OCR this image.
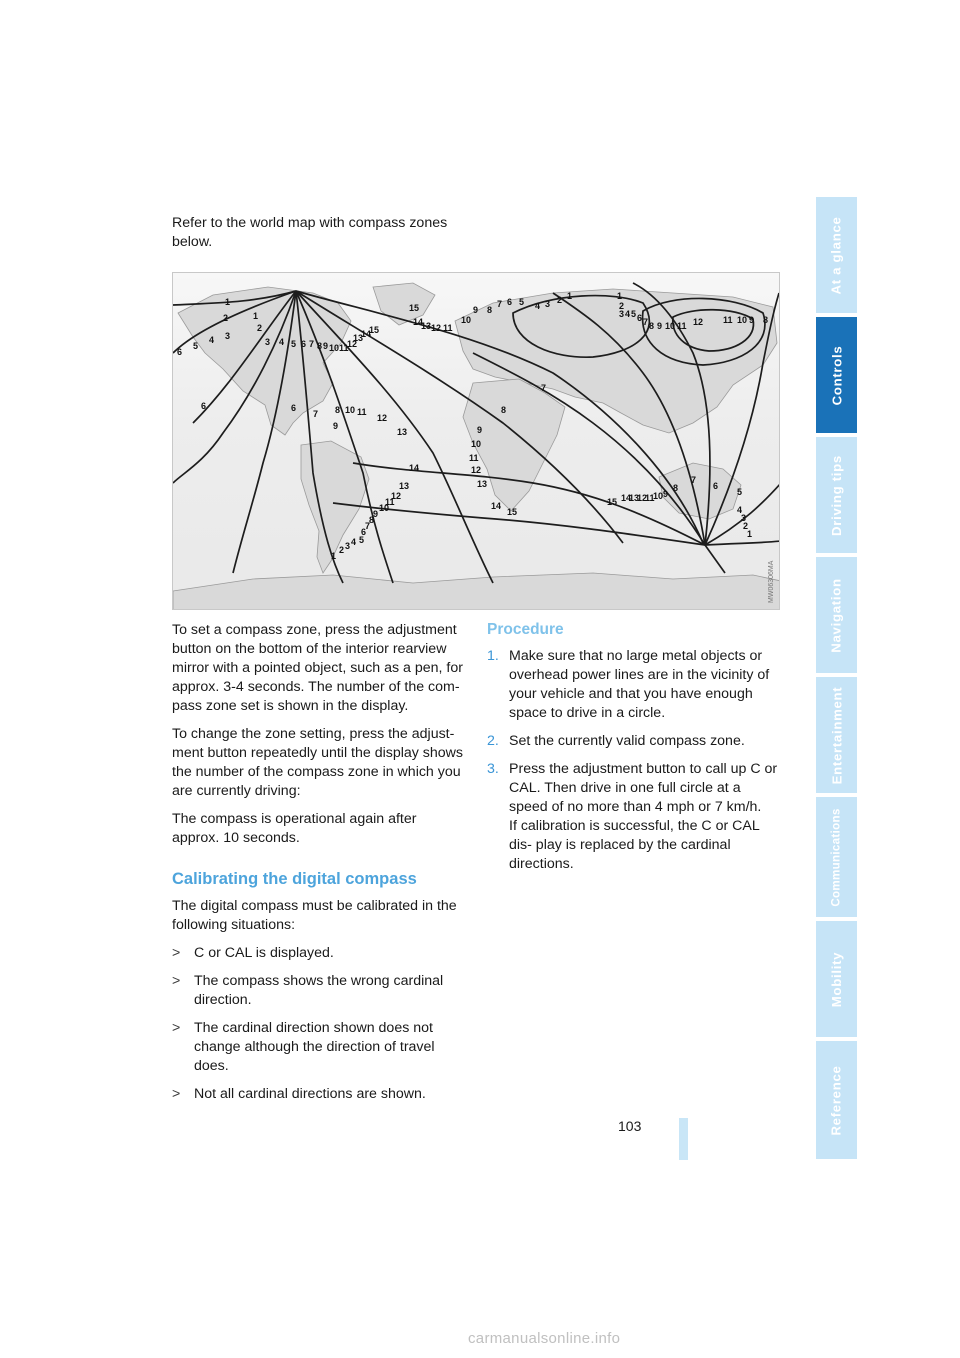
Refer to the world map with compass zones below.
1
2	1
2
3
4
5
6
3 4 5 6 7 8 9 10 11
12
13
14
15
6	6
7 8 10 11
9
12
13
14
13
12
11
10
9
8
7
6
5
4
3
2
1
15
14
13 12 11
10
9 8
7 6 5 4 3 2 1
7
8
9
10
11
12
13
14
15
1
2
3 4 5 6 7 8 9 10 11 12 11 10 9 8
15 14
13
12
11
10 9
8
7
6
5
4
3
2
1
MW06306MA

To set a compass zone, press the adjustment button on the bottom of the interior rearview mirror with a pointed object, such as a pen, for approx. 3-4 seconds. The number of the com- pass zone set is shown in the display.

To change the zone setting, press the adjust- ment button repeatedly until the display shows the number of the compass zone in which you are currently driving:

The compass is operational again after approx. 10 seconds.

Calibrating the digital compass

The digital compass must be calibrated in the following situations:

> C or CAL is displayed.
> The compass shows the wrong cardinal direction.
> The cardinal direction shown does not change although the direction of travel does.
> Not all cardinal directions are shown.
Procedure
1. Make sure that no large metal objects or overhead power lines are in the vicinity of your vehicle and that you have enough space to drive in a circle.
2. Set the currently valid compass zone.
3. Press the adjustment button to call up C or CAL. Then drive in one full circle at a speed of no more than 4 mph or 7 km/h.
If calibration is successful, the C or CAL dis- play is replaced by the cardinal directions.
103
At a glance
Controls
Driving tips
Navigation
Entertainment
Communications
Mobility
Reference
carmanualsonline.info
